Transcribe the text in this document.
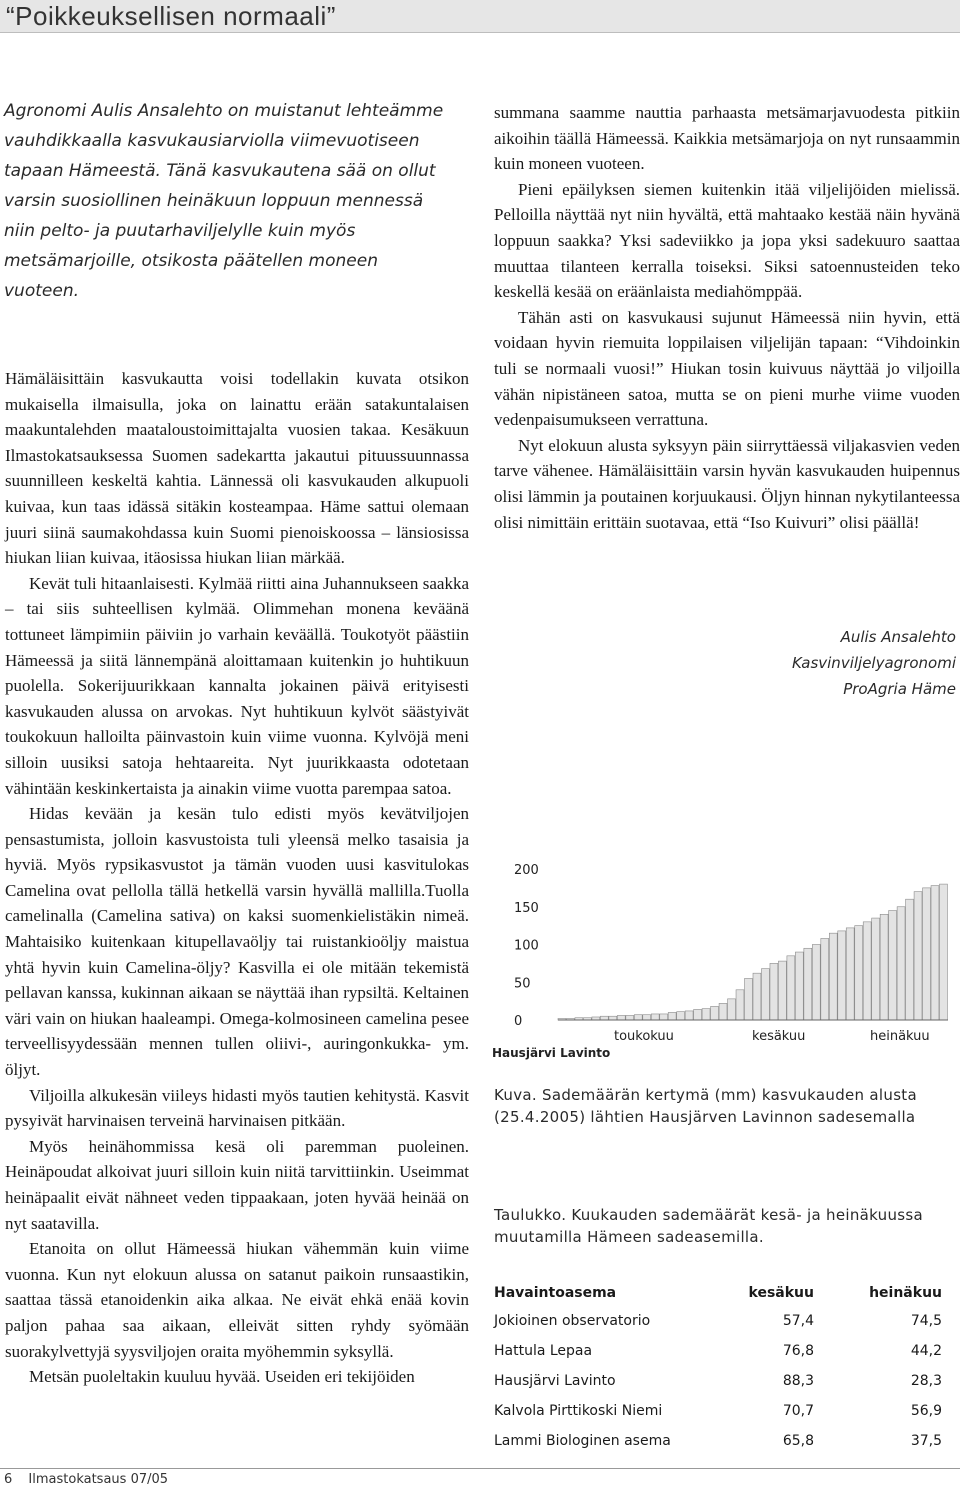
“Poikkeuksellisen normaali”

Agronomi Aulis Ansalehto on muistanut lehteämme vauhdikkaalla kasvukausiarviolla viimevuotiseen tapaan Hämeestä. Tänä kasvukautena sää on ollut varsin suosiollinen heinäkuun loppuun mennessä niin pelto- ja puutarhaviljelylle kuin myös metsämarjoille, otsikosta päätellen moneen vuoteen.

Hämäläisittäin kasvukautta voisi todellakin kuvata otsikon mukaisella ilmaisulla, joka on lainattu erään satakuntalaisen maakuntalehden maataloustoimittajalta vuosien takaa. Kesäkuun Ilmastokatsauksessa Suomen sadekartta jakautui pituussuunnassa suunnilleen keskeltä kahtia. Lännessä oli kasvukauden alkupuoli kuivaa, kun taas idässä sitäkin kosteampaa. Häme sattui olemaan juuri siinä saumakohdassa kuin Suomi pienoiskoossa – länsiosissa hiukan liian kuivaa, itäosissa hiukan liian märkää.

Kevät tuli hitaanlaisesti. Kylmää riitti aina Juhannukseen saakka – tai siis suhteellisen kylmää. Olimmehan monena keväänä tottuneet lämpimiin päiviin jo varhain keväällä. Toukotyöt päästiin Hämeessä ja siitä lännempänä aloittamaan kuitenkin jo huhtikuun puolella. Sokerijuurikkaan kannalta jokainen päivä erityisesti kasvukauden alussa on arvokas. Nyt huhtikuun kylvöt säästyivät toukokuun halloilta päinvastoin kuin viime vuonna. Kylvöjä meni silloin uusiksi satoja hehtaareita. Nyt juurikkaasta odotetaan vähintään keskinkertaista ja ainakin viime vuotta parempaa satoa.

Hidas kevään ja kesän tulo edisti myös kevätviljojen pensastumista, jolloin kasvustoista tuli yleensä melko tasaisia ja hyviä. Myös rypsikasvustot ja tämän vuoden uusi kasvitulokas Camelina ovat pellolla tällä hetkellä varsin hyvällä mallilla.Tuolla camelinalla (Camelina sativa) on kaksi suomenkielistäkin nimeä. Mahtaisiko kuitenkaan kitupellavaöljy tai ruistankioöljy maistua yhtä hyvin kuin Camelina-öljy? Kasvilla ei ole mitään tekemistä pellavan kanssa, kukinnan aikaan se näyttää ihan rypsiltä. Keltainen väri vain on hiukan haaleampi. Omega-kolmosineen camelina pesee terveellisyydessään mennen tullen oliivi-, auringonkukka- ym. öljyt.

Viljoilla alkukesän viileys hidasti myös tautien kehitystä. Kasvit pysyivät harvinaisen terveinä harvinaisen pitkään.

Myös heinähommissa kesä oli paremman puoleinen. Heinäpoudat alkoivat juuri silloin kuin niitä tarvittiinkin. Useimmat heinäpaalit eivät nähneet veden tippaakaan, joten hyvää heinää on nyt saatavilla.

Etanoita on ollut Hämeessä hiukan vähemmän kuin viime vuonna. Kun nyt elokuun alussa on satanut paikoin runsaastikin, saattaa tässä etanoidenkin aika alkaa. Ne eivät ehkä enää kovin paljon pahaa saa aikaan, elleivät sitten ryhdy syömään suorakylvettyjä syysviljojen oraita myöhemmin syksyllä.

Metsän puoleltakin kuuluu hyvää. Useiden eri tekijöiden

summana saamme nauttia parhaasta metsämarjavuodesta pitkiin aikoihin täällä Hämeessä. Kaikkia metsämarjoja on nyt runsaammin kuin moneen vuoteen.

Pieni epäilyksen siemen kuitenkin itää viljelijöiden mielissä. Pelloilla näyttää nyt niin hyvältä, että mahtaako kestää näin hyvänä loppuun saakka? Yksi sadeviikko ja jopa yksi sadekuuro saattaa muuttaa tilanteen kerralla toiseksi. Siksi satoennusteiden teko keskellä kesää on eräänlaista mediahömppää.

Tähän asti on kasvukausi sujunut Hämeessä niin hyvin, että voidaan hyvin riemuita loppilaisen viljelijän tapaan: “Vihdoinkin tuli se normaali vuosi!” Hiukan tosin kuivuus näyttää jo viljoilla vähän nipistäneen satoa, mutta se on pieni murhe viime vuoden vedenpaisumukseen verrattuna.

Nyt elokuun alusta syksyyn päin siirryttäessä viljakasvien veden tarve vähenee. Hämäläisittäin varsin hyvän kasvukauden huipennus olisi lämmin ja poutainen korjuukausi. Öljyn hinnan nykytilanteessa olisi nimittäin erittäin suotavaa, että “Iso Kuivuri” olisi päällä!

Aulis Ansalehto
Kasvinviljelyagronomi
ProAgria Häme
0
50
100
150
200
toukokuu	kesäkuu	heinäkuu
Hausjärvi Lavinto
Kuva. Sademäärän kertymä (mm) kasvukauden alusta (25.4.2005) lähtien Hausjärven Lavinnon sadesemalla
Taulukko. Kuukauden sademäärät kesä- ja heinäkuussa muutamilla Hämeen sadeasemilla.
Havaintoasema	kesäkuu	heinäkuu
Jokioinen observatorio	57,4	74,5
Hattula Lepaa	76,8	44,2
Hausjärvi Lavinto	88,3	28,3
Kalvola Pirttikoski Niemi	70,7	56,9
Lammi Biologinen asema	65,8	37,5
6 Ilmastokatsaus 07/05
